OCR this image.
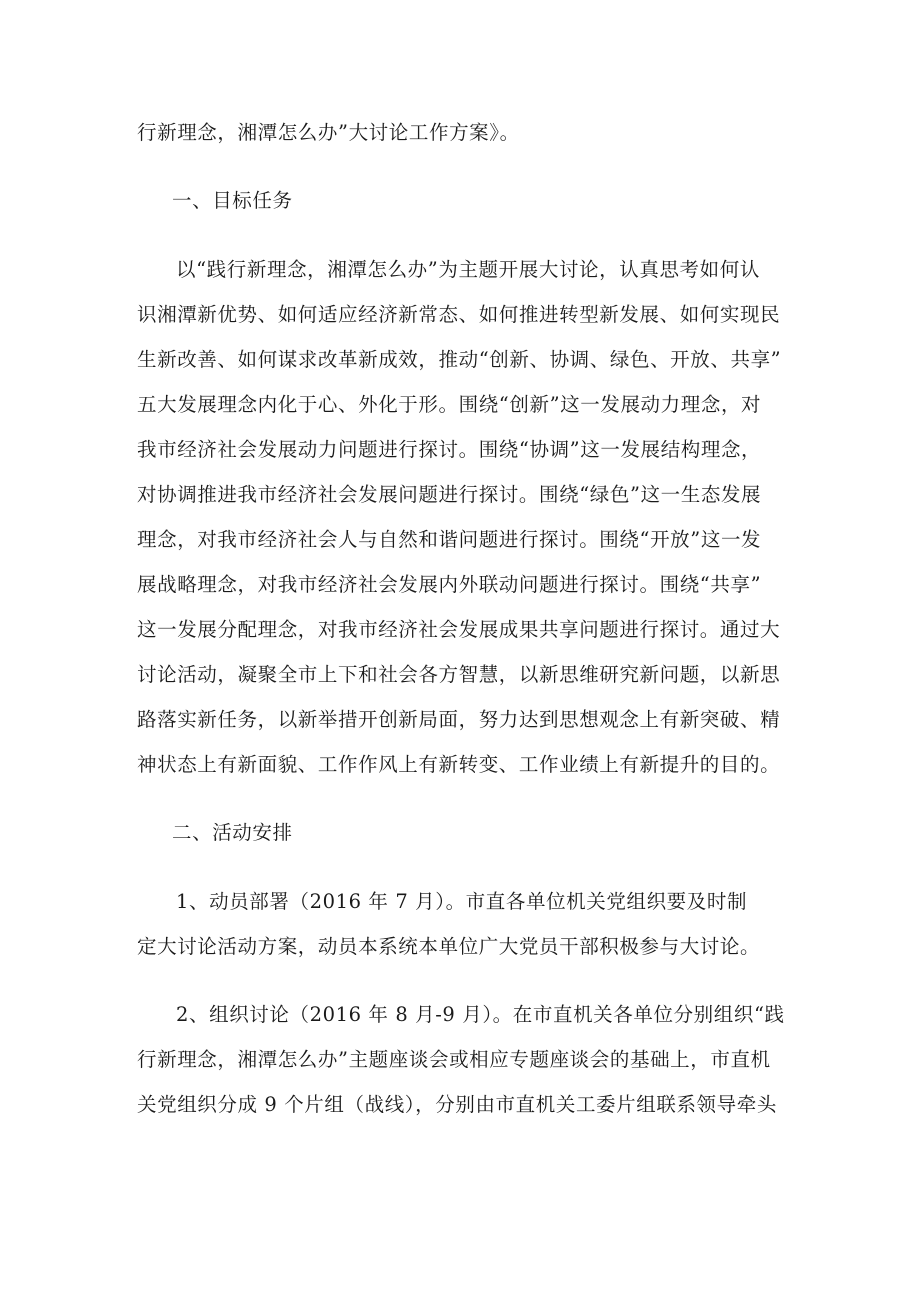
行新理念，湘潭怎么办”大讨论工作方案》。
一、目标任务
以“践行新理念，湘潭怎么办”为主题开展大讨论，认真思考如何认
识湘潭新优势、如何适应经济新常态、如何推进转型新发展、如何实现民
生新改善、如何谋求改革新成效，推动“创新、协调、绿色、开放、共享”
五大发展理念内化于心、外化于形。围绕“创新”这一发展动力理念，对
我市经济社会发展动力问题进行探讨。围绕“协调”这一发展结构理念，
对协调推进我市经济社会发展问题进行探讨。围绕“绿色”这一生态发展
理念，对我市经济社会人与自然和谐问题进行探讨。围绕“开放”这一发
展战略理念，对我市经济社会发展内外联动问题进行探讨。围绕“共享”
这一发展分配理念，对我市经济社会发展成果共享问题进行探讨。通过大
讨论活动，凝聚全市上下和社会各方智慧，以新思维研究新问题，以新思
路落实新任务，以新举措开创新局面，努力达到思想观念上有新突破、精
神状态上有新面貌、工作作风上有新转变、工作业绩上有新提升的目的。
二、活动安排
1、动员部署（2016 年 7 月）。市直各单位机关党组织要及时制
定大讨论活动方案，动员本系统本单位广大党员干部积极参与大讨论。
2、组织讨论（2016 年 8 月-9 月）。在市直机关各单位分别组织“践
行新理念，湘潭怎么办”主题座谈会或相应专题座谈会的基础上，市直机
关党组织分成 9 个片组（战线），分别由市直机关工委片组联系领导牵头
